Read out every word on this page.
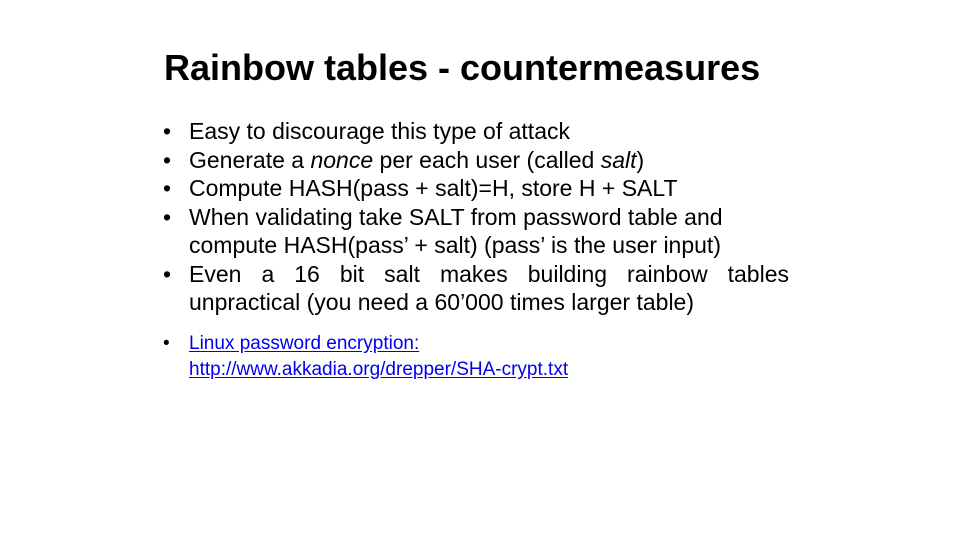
Rainbow tables - countermeasures
• Easy to discourage this type of attack
• Generate a nonce per each user (called salt)
• Compute HASH(pass + salt)=H, store H + SALT
• When validating take SALT from password table and
compute HASH(pass’ + salt) (pass’ is the user input)
• Even a 16 bit salt makes building rainbow tables
unpractical (you need a 60’000 times larger table)
•	Linux password encryption:
http://www.akkadia.org/drepper/SHA-crypt.txt
